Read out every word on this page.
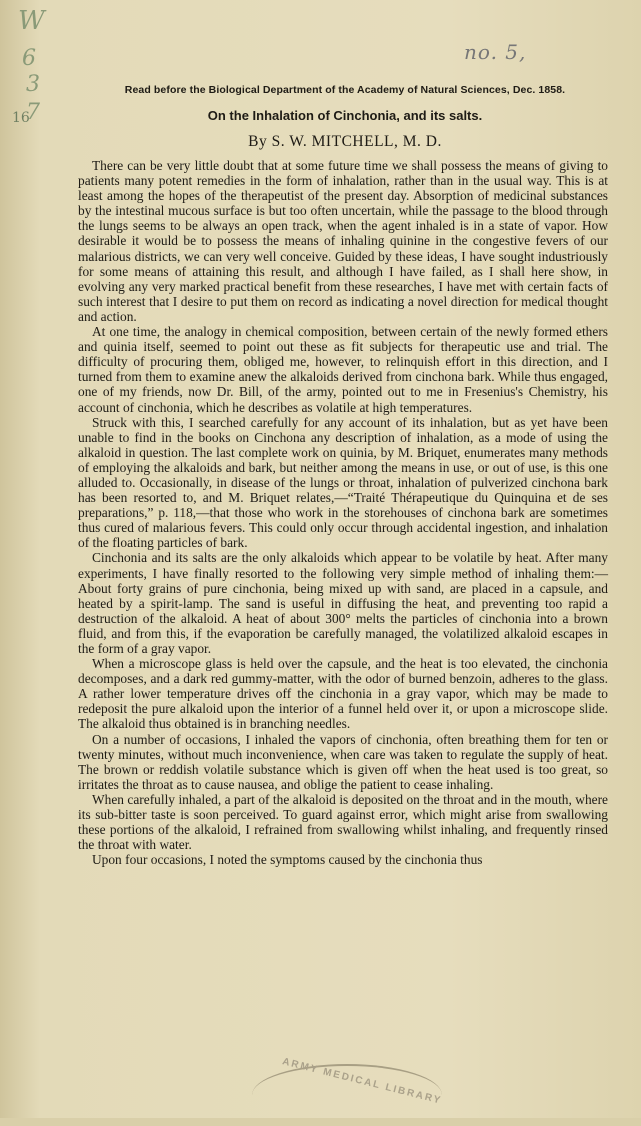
W
6
3
7
16
no. 5,
Read before the Biological Department of the Academy of Natural Sciences, Dec. 1858.
On the Inhalation of Cinchonia, and its salts.
By S. W. MITCHELL, M. D.

There can be very little doubt that at some future time we shall possess the means of giving to patients many potent remedies in the form of inhalation, rather than in the usual way. This is at least among the hopes of the therapeutist of the present day. Absorption of medicinal substances by the intestinal mucous surface is but too often uncertain, while the passage to the blood through the lungs seems to be always an open track, when the agent inhaled is in a state of vapor. How desirable it would be to possess the means of inhaling quinine in the congestive fevers of our malarious districts, we can very well conceive. Guided by these ideas, I have sought industriously for some means of attaining this result, and although I have failed, as I shall here show, in evolving any very marked practical benefit from these researches, I have met with certain facts of such interest that I desire to put them on record as indicating a novel direction for medical thought and action.

At one time, the analogy in chemical composition, between certain of the newly formed ethers and quinia itself, seemed to point out these as fit subjects for therapeutic use and trial. The difficulty of procuring them, obliged me, however, to relinquish effort in this direction, and I turned from them to examine anew the alkaloids derived from cinchona bark. While thus engaged, one of my friends, now Dr. Bill, of the army, pointed out to me in Fresenius's Chemistry, his account of cinchonia, which he describes as volatile at high temperatures.

Struck with this, I searched carefully for any account of its inhalation, but as yet have been unable to find in the books on Cinchona any description of inhalation, as a mode of using the alkaloid in question. The last complete work on quinia, by M. Briquet, enumerates many methods of employing the alkaloids and bark, but neither among the means in use, or out of use, is this one alluded to. Occasionally, in disease of the lungs or throat, inhalation of pulverized cinchona bark has been resorted to, and M. Briquet relates,—“Traité Thérapeutique du Quinquina et de ses preparations,” p. 118,—that those who work in the storehouses of cinchona bark are sometimes thus cured of malarious fevers. This could only occur through accidental ingestion, and inhalation of the floating particles of bark.

Cinchonia and its salts are the only alkaloids which appear to be volatile by heat. After many experiments, I have finally resorted to the following very simple method of inhaling them:—About forty grains of pure cinchonia, being mixed up with sand, are placed in a capsule, and heated by a spirit-lamp. The sand is useful in diffusing the heat, and preventing too rapid a destruction of the alkaloid. A heat of about 300° melts the particles of cinchonia into a brown fluid, and from this, if the evaporation be carefully managed, the volatilized alkaloid escapes in the form of a gray vapor.

When a microscope glass is held over the capsule, and the heat is too elevated, the cinchonia decomposes, and a dark red gummy-matter, with the odor of burned benzoin, adheres to the glass. A rather lower temperature drives off the cinchonia in a gray vapor, which may be made to redeposit the pure alkaloid upon the interior of a funnel held over it, or upon a microscope slide. The alkaloid thus obtained is in branching needles.

On a number of occasions, I inhaled the vapors of cinchonia, often breathing them for ten or twenty minutes, without much inconvenience, when care was taken to regulate the supply of heat. The brown or reddish volatile substance which is given off when the heat used is too great, so irritates the throat as to cause nausea, and oblige the patient to cease inhaling.

When carefully inhaled, a part of the alkaloid is deposited on the throat and in the mouth, where its sub-bitter taste is soon perceived. To guard against error, which might arise from swallowing these portions of the alkaloid, I refrained from swallowing whilst inhaling, and frequently rinsed the throat with water.

Upon four occasions, I noted the symptoms caused by the cinchonia thus

ARMY MEDICAL LIBRARY
